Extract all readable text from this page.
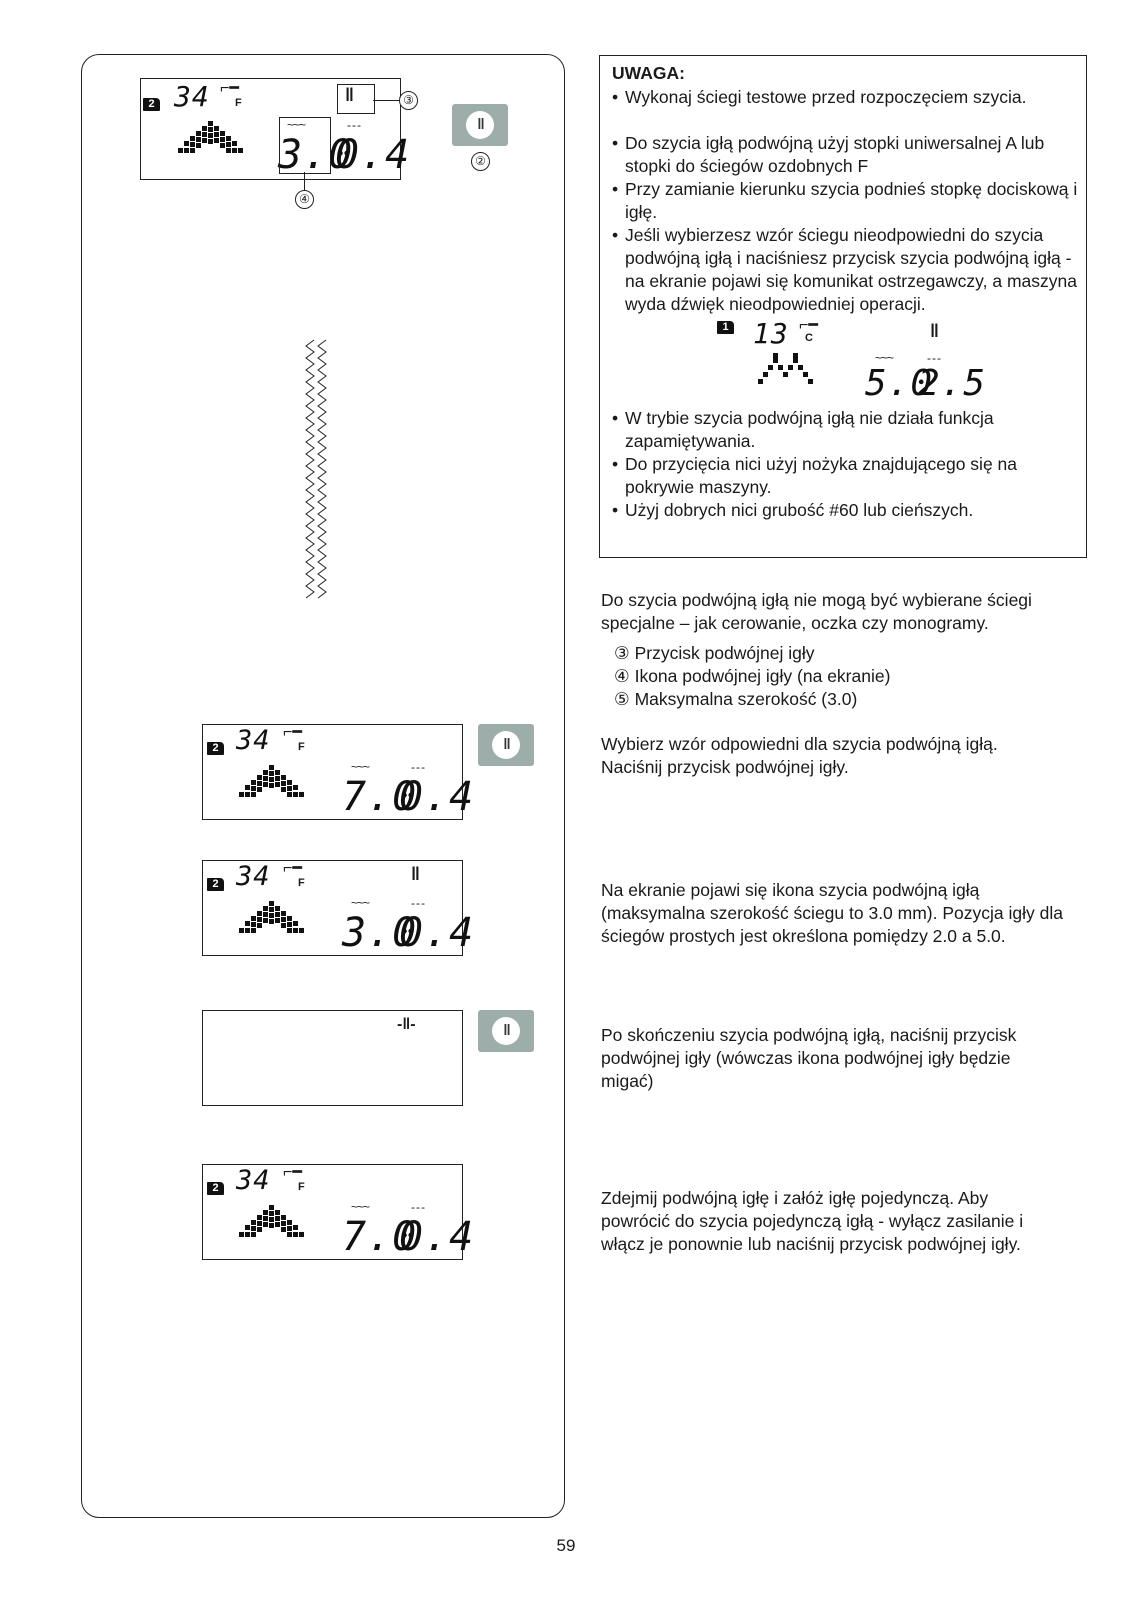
2 34 ⌐━
F	ǁ
~~~	---
3.0
0.4
③
④
ǁ
②
2 34 ⌐━
F
~~~	---
7.0
0.4
ǁ
2 34 ⌐━
F	ǁ
~~~	---
3.0
0.4
-ǁ-	ǁ
2 34 ⌐━
F
~~~	---
7.0
0.4
UWAGA:
• Wykonaj ściegi testowe przed rozpoczęciem szycia.
• Do szycia igłą podwójną użyj stopki uniwersalnej A lub stopki do ściegów ozdobnych F
• Przy zamianie kierunku szycia podnieś stopkę dociskową i igłę.
• Jeśli wybierzesz wzór ściegu nieodpowiedni do szycia podwójną igłą i naciśniesz przycisk szycia podwójną igłą - na ekranie pojawi się komunikat ostrzegawczy, a maszyna wyda dźwięk nieodpowiedniej operacji.
1 13 ⌐━
C	ǁ
~~~	---
5.0
2.5
• W trybie szycia podwójną igłą nie działa funkcja zapamiętywania.
• Do przycięcia nici użyj nożyka znajdującego się na pokrywie maszyny.
• Użyj dobrych nici grubość #60 lub cieńszych.
Do szycia podwójną igłą nie mogą być wybierane ściegi specjalne – jak cerowanie, oczka czy monogramy.
③ Przycisk podwójnej igły
④ Ikona podwójnej igły (na ekranie)
⑤ Maksymalna szerokość (3.0)
Wybierz wzór odpowiedni dla szycia podwójną igłą. Naciśnij przycisk podwójnej igły.
Na ekranie pojawi się ikona szycia podwójną igłą (maksymalna szerokość ściegu to 3.0 mm). Pozycja igły dla ściegów prostych jest określona pomiędzy 2.0 a 5.0.
Po skończeniu szycia podwójną igłą, naciśnij przycisk podwójnej igły (wówczas ikona podwójnej igły będzie migać)
Zdejmij podwójną igłę i załóż igłę pojedynczą. Aby powrócić do szycia pojedynczą igłą - wyłącz zasilanie i włącz je ponownie lub naciśnij przycisk podwójnej igły.
59
